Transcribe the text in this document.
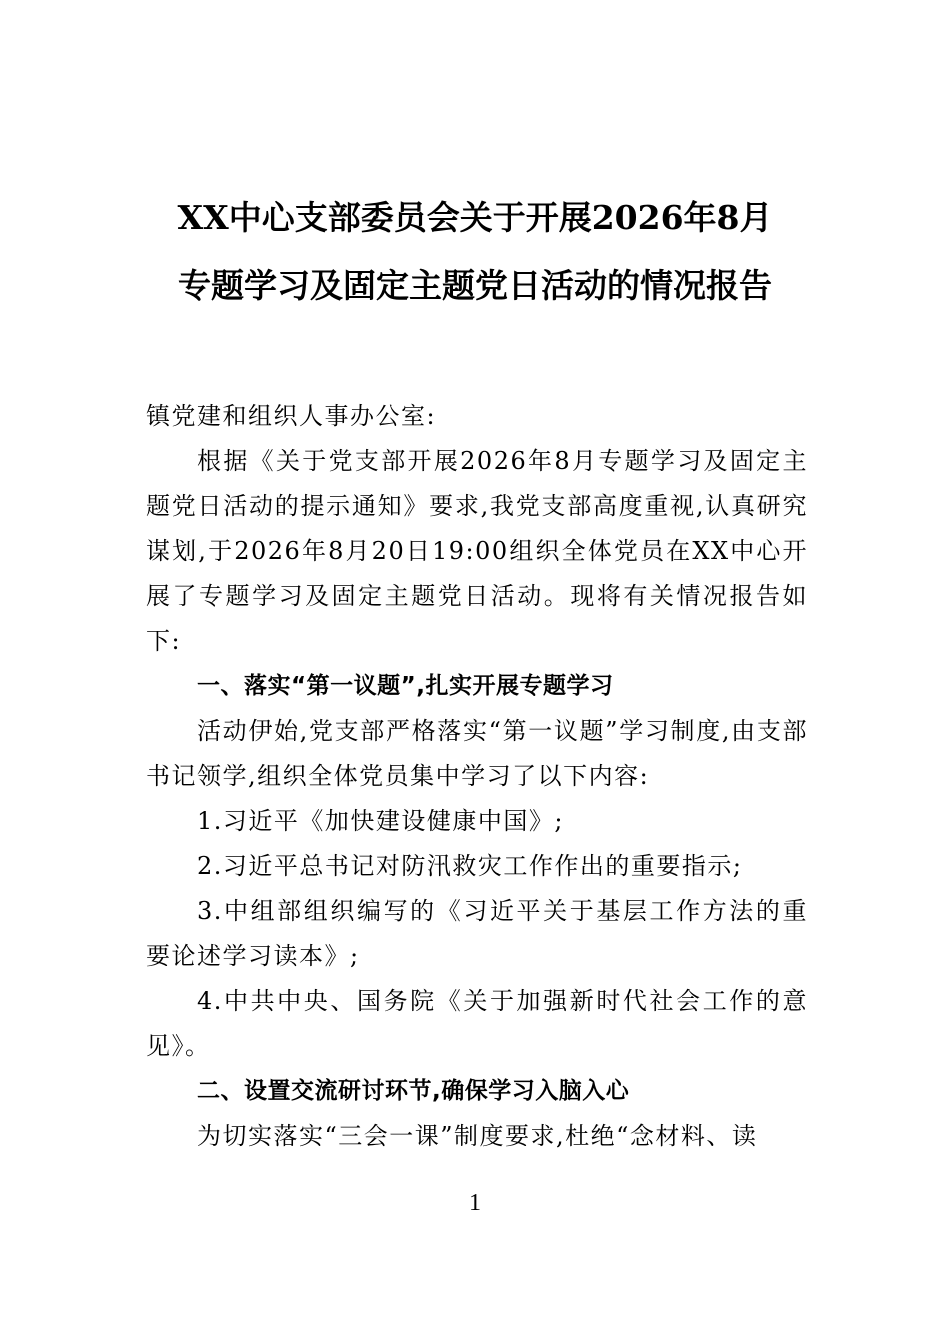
XX中心支部委员会关于开展2026年8月
专题学习及固定主题党日活动的情况报告

镇党建和组织人事办公室:

根据《关于党支部开展2026年8月专题学习及固定主题党日活动的提示通知》要求,我党支部高度重视,认真研究谋划,于2026年8月20日19:00组织全体党员在XX中心开展了专题学习及固定主题党日活动。现将有关情况报告如下:

一、落实“第一议题”,扎实开展专题学习

活动伊始,党支部严格落实“第一议题”学习制度,由支部书记领学,组织全体党员集中学习了以下内容:

1.习近平《加快建设健康中国》;

2.习近平总书记对防汛救灾工作作出的重要指示;

3.中组部组织编写的《习近平关于基层工作方法的重要论述学习读本》;

4.中共中央、国务院《关于加强新时代社会工作的意见》。

二、设置交流研讨环节,确保学习入脑入心

为切实落实“三会一课”制度要求,杜绝“念材料、读

1
